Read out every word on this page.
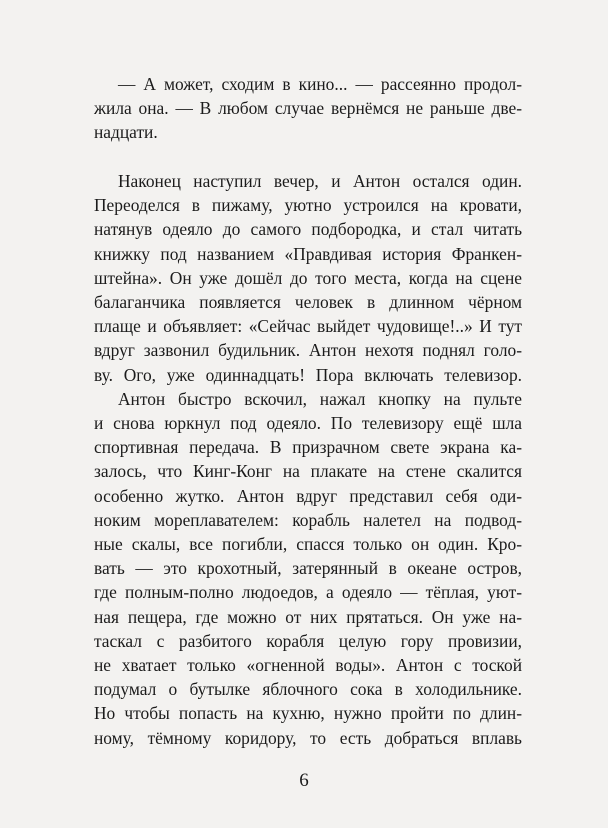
— А может, сходим в кино... — рассеянно продол-
жила она. — В любом случае вернёмся не раньше две-
надцати.
Наконец наступил вечер, и Антон остался один.
Переоделся в пижаму, уютно устроился на кровати,
натянув одеяло до самого подбородка, и стал читать
книжку под названием «Правдивая история Франкен-
штейна». Он уже дошёл до того места, когда на сцене
балаганчика появляется человек в длинном чёрном
плаще и объявляет: «Сейчас выйдет чудовище!..» И тут
вдруг зазвонил будильник. Антон нехотя поднял голо-
ву. Ого, уже одиннадцать! Пора включать телевизор.
Антон быстро вскочил, нажал кнопку на пульте
и снова юркнул под одеяло. По телевизору ещё шла
спортивная передача. В призрачном свете экрана ка-
залось, что Кинг-Конг на плакате на стене скалится
особенно жутко. Антон вдруг представил себя оди-
ноким мореплавателем: корабль налетел на подвод-
ные скалы, все погибли, спасся только он один. Кро-
вать — это крохотный, затерянный в океане остров,
где полным-полно людоедов, а одеяло — тёплая, уют-
ная пещера, где можно от них прятаться. Он уже на-
таскал с разбитого корабля целую гору провизии,
не хватает только «огненной воды». Антон с тоской
подумал о бутылке яблочного сока в холодильнике.
Но чтобы попасть на кухню, нужно пройти по длин-
ному, тёмному коридору, то есть добраться вплавь
6
